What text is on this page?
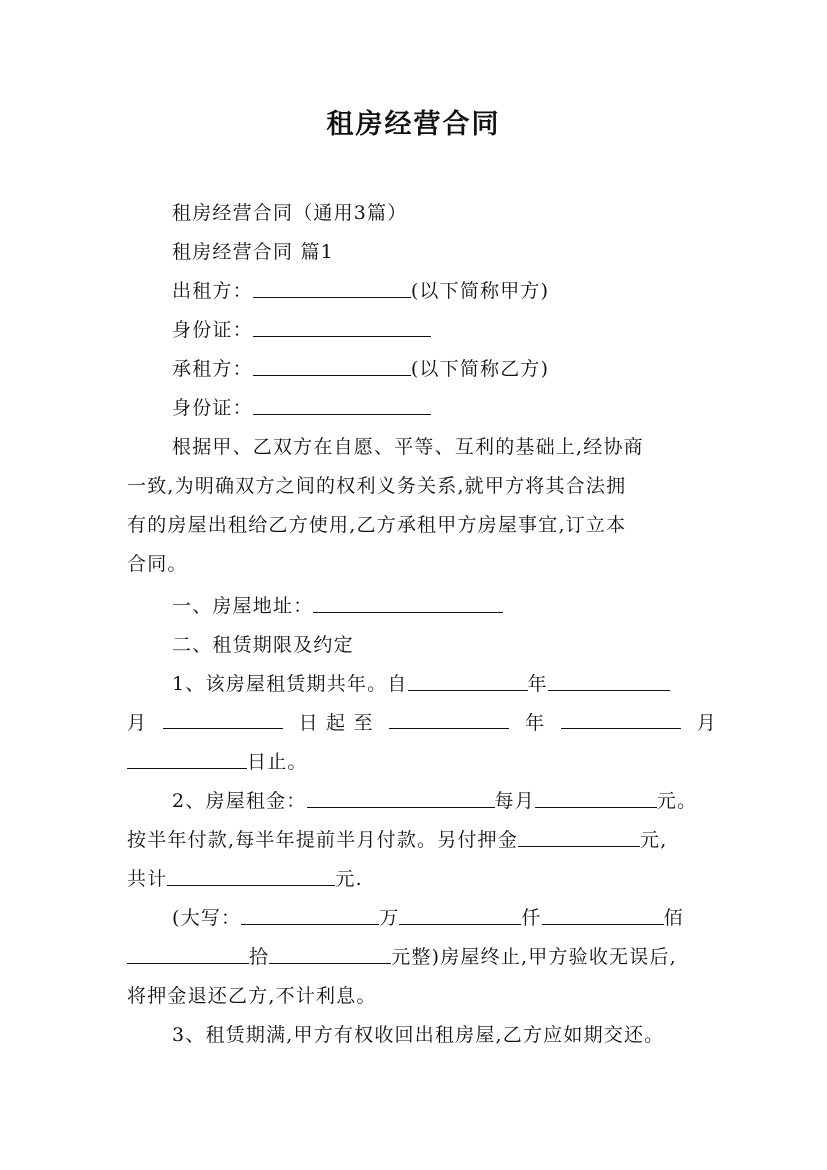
租房经营合同
租房经营合同（通用3篇）
租房经营合同 篇1
出租方：	(以下简称甲方)
身份证：
承租方：	(以下简称乙方)
身份证：
根据甲、乙双方在自愿、平等、互利的基础上,经协商
一致,为明确双方之间的权利义务关系,就甲方将其合法拥
有的房屋出租给乙方使用,乙方承租甲方房屋事宜,订立本
合同。
一、房屋地址：
二、租赁期限及约定
1、该房屋租赁期共年。自	年
月	日 起 至	年	月
日止。
2、房屋租金：	每月	元。
按半年付款,每半年提前半月付款。另付押金	元,
共计	元.
(大写：	万	仟	佰
拾	元整)房屋终止,甲方验收无误后,
将押金退还乙方,不计利息。
3、租赁期满,甲方有权收回出租房屋,乙方应如期交还。
